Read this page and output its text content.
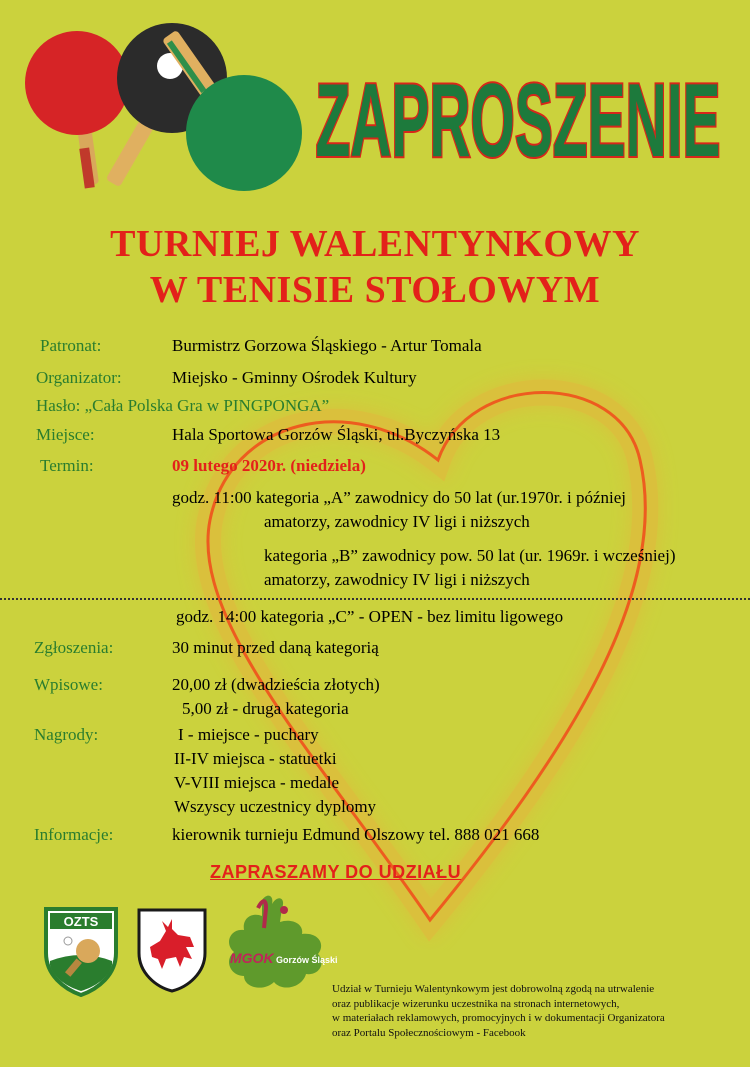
ZAPROSZENIE
TURNIEJ WALENTYNKOWY
W TENISIE STOŁOWYM
Patronat:	Burmistrz Gorzowa Śląskiego - Artur Tomala
Organizator:	Miejsko - Gminny Ośrodek Kultury
Hasło: „Cała Polska Gra w PINGPONGA”
Miejsce:	Hala Sportowa Gorzów Śląski, ul.Byczyńska 13
Termin:	09 lutego 2020r. (niedziela)
godz. 11:00 kategoria „A” zawodnicy do 50 lat (ur.1970r. i później
amatorzy, zawodnicy IV ligi i niższych
kategoria „B” zawodnicy pow. 50 lat (ur. 1969r. i wcześniej)
amatorzy, zawodnicy IV ligi i niższych
godz. 14:00 kategoria „C” - OPEN - bez limitu ligowego
Zgłoszenia:	30 minut przed daną kategorią
Wpisowe:	20,00 zł (dwadzieścia złotych)
5,00 zł - druga kategoria
Nagrody:	I - miejsce - puchary
II-IV miejsca - statuetki
V-VIII miejsca - medale
Wszyscy uczestnicy dyplomy
Informacje:	kierownik turnieju Edmund Olszowy tel. 888 021 668
ZAPRASZAMY DO UDZIAŁU
OZTS
MGOK Gorzów Śląski
Udział w Turnieju Walentynkowym jest dobrowolną zgodą na utrwalenie
oraz publikacje wizerunku uczestnika na stronach internetowych,
w materiałach reklamowych, promocyjnych i w dokumentacji Organizatora
oraz Portalu Społecznościowym - Facebook
